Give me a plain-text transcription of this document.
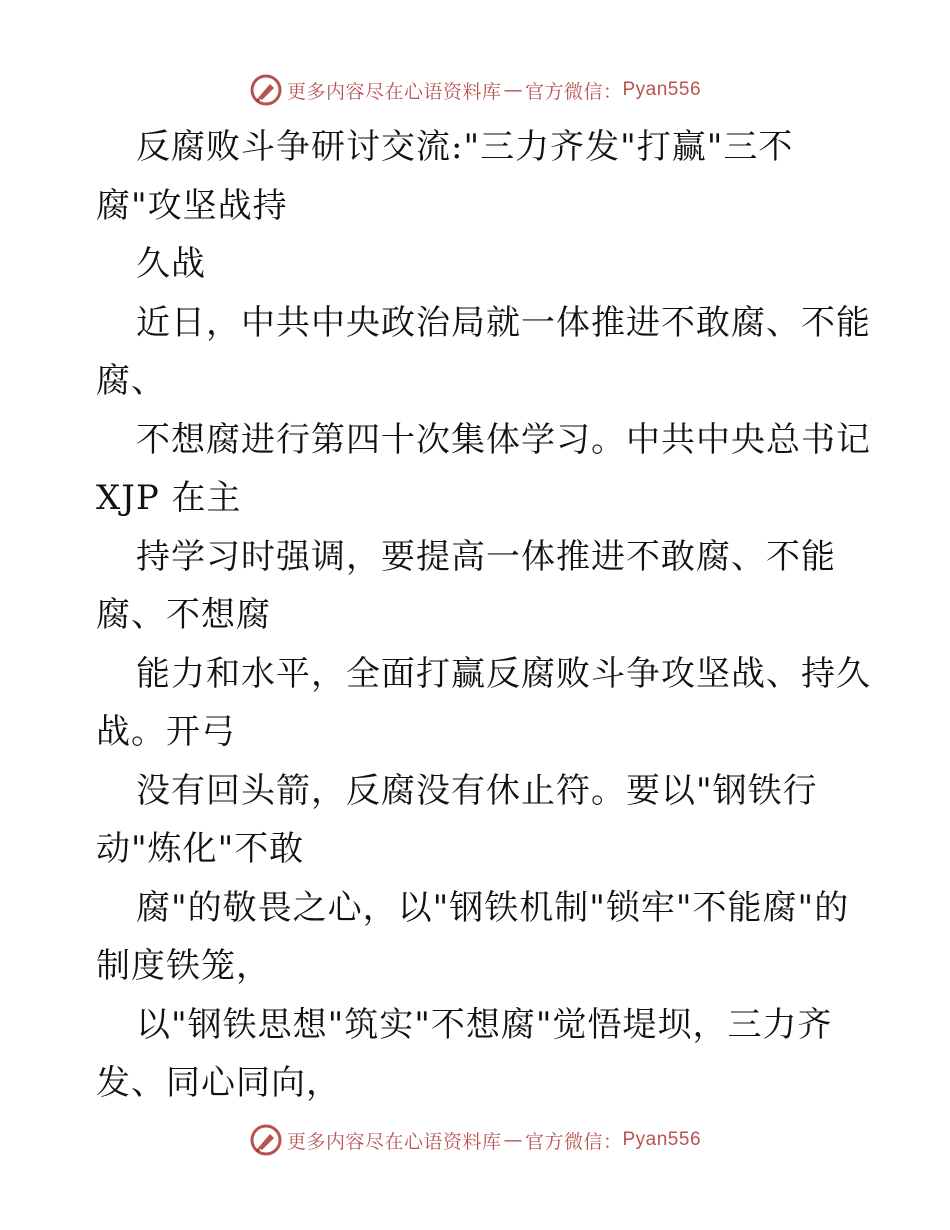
更多内容尽在心语资料库 — 官方微信： Pyan556
反腐败斗争研讨交流:"三力齐发"打赢"三不
腐"攻坚战持
久战
近日，中共中央政治局就一体推进不敢腐、不能
腐、
不想腐进行第四十次集体学习。中共中央总书记
XJP 在主
持学习时强调，要提高一体推进不敢腐、不能
腐、不想腐
能力和水平，全面打赢反腐败斗争攻坚战、持久
战。开弓
没有回头箭，反腐没有休止符。要以"钢铁行
动"炼化"不敢
腐"的敬畏之心，以"钢铁机制"锁牢"不能腐"的
制度铁笼，
以"钢铁思想"筑实"不想腐"觉悟堤坝，三力齐
发、同心同向，
更多内容尽在心语资料库 — 官方微信： Pyan556
